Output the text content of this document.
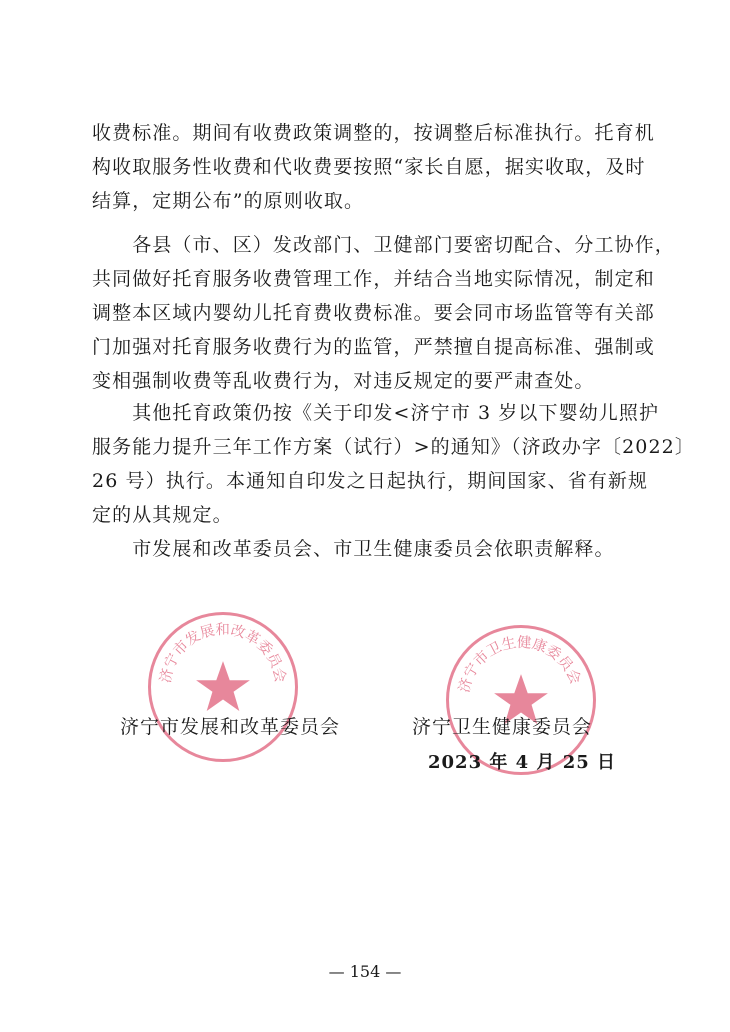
收费标准。期间有收费政策调整的，按调整后标准执行。托育机
构收取服务性收费和代收费要按照“家长自愿，据实收取，及时
结算，定期公布”的原则收取。
　　各县（市、区）发改部门、卫健部门要密切配合、分工协作，
共同做好托育服务收费管理工作，并结合当地实际情况，制定和
调整本区域内婴幼儿托育费收费标准。要会同市场监管等有关部
门加强对托育服务收费行为的监管，严禁擅自提高标准、强制或
变相强制收费等乱收费行为，对违反规定的要严肃查处。
　　其他托育政策仍按《关于印发<济宁市 3 岁以下婴幼儿照护
服务能力提升三年工作方案（试行）>的通知》（济政办字〔2022〕
26 号）执行。本通知自印发之日起执行，期间国家、省有新规
定的从其规定。
　　市发展和改革委员会、市卫生健康委员会依职责解释。
济宁市发展和改革委员会
济宁市卫生健康委员会
济宁市发展和改革委员会	济宁卫生健康委员会
2023 年 4 月 25 日
— 154 —
